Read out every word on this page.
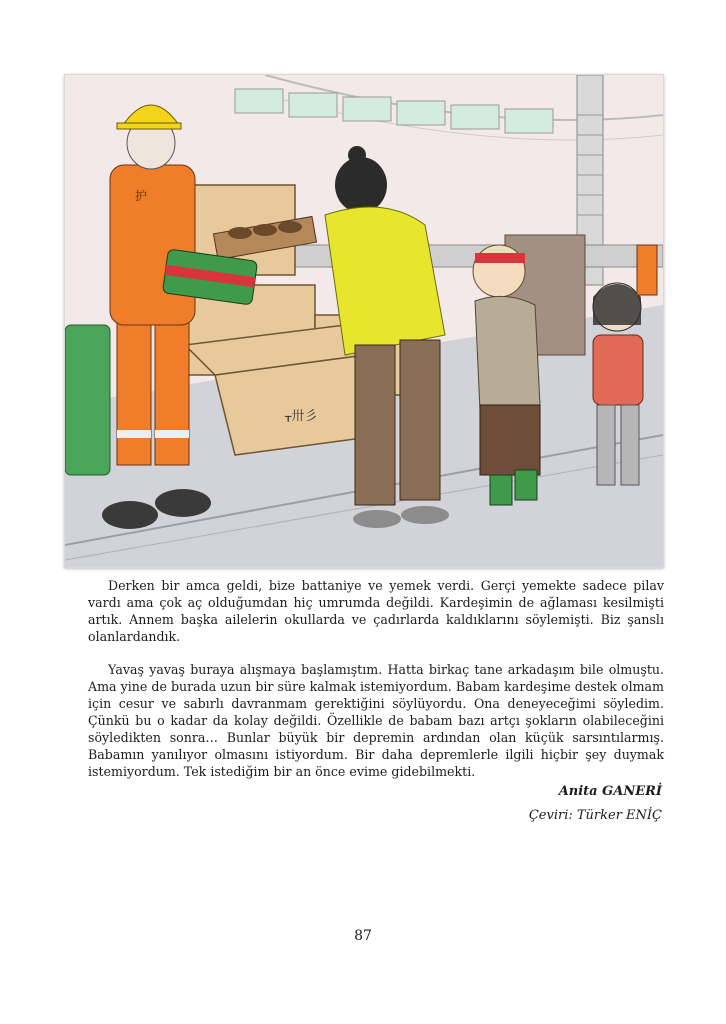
ᚁ卅彡
护

Derken bir amca geldi, bize battaniye ve yemek verdi. Gerçi yemekte sadece pilav vardı ama çok aç olduğumdan hiç umrumda değildi. Kardeşimin de ağlaması kesilmişti artık. Annem başka ailelerin okullarda ve çadırlarda kaldıklarını söylemişti. Biz şanslı olanlardandık.

Yavaş yavaş buraya alışmaya başlamıştım. Hatta birkaç tane arkadaşım bile olmuştu. Ama yine de burada uzun bir süre kalmak istemiyordum. Babam kardeşime destek olmam için cesur ve sabırlı davranmam gerektiğini söylüyordu. Ona deneyeceğimi söyledim. Çünkü bu o kadar da kolay değildi. Özellikle de babam bazı artçı şokların olabileceğini söyledikten sonra… Bunlar büyük bir depremin ardından olan küçük sarsıntılarmış. Babamın yanılıyor olmasını istiyordum. Bir daha depremlerle ilgili hiçbir şey duymak istemiyordum. Tek istediğim bir an önce evime gidebilmekti.

Anita GANERİ
Çeviri: Türker ENİÇ
87
